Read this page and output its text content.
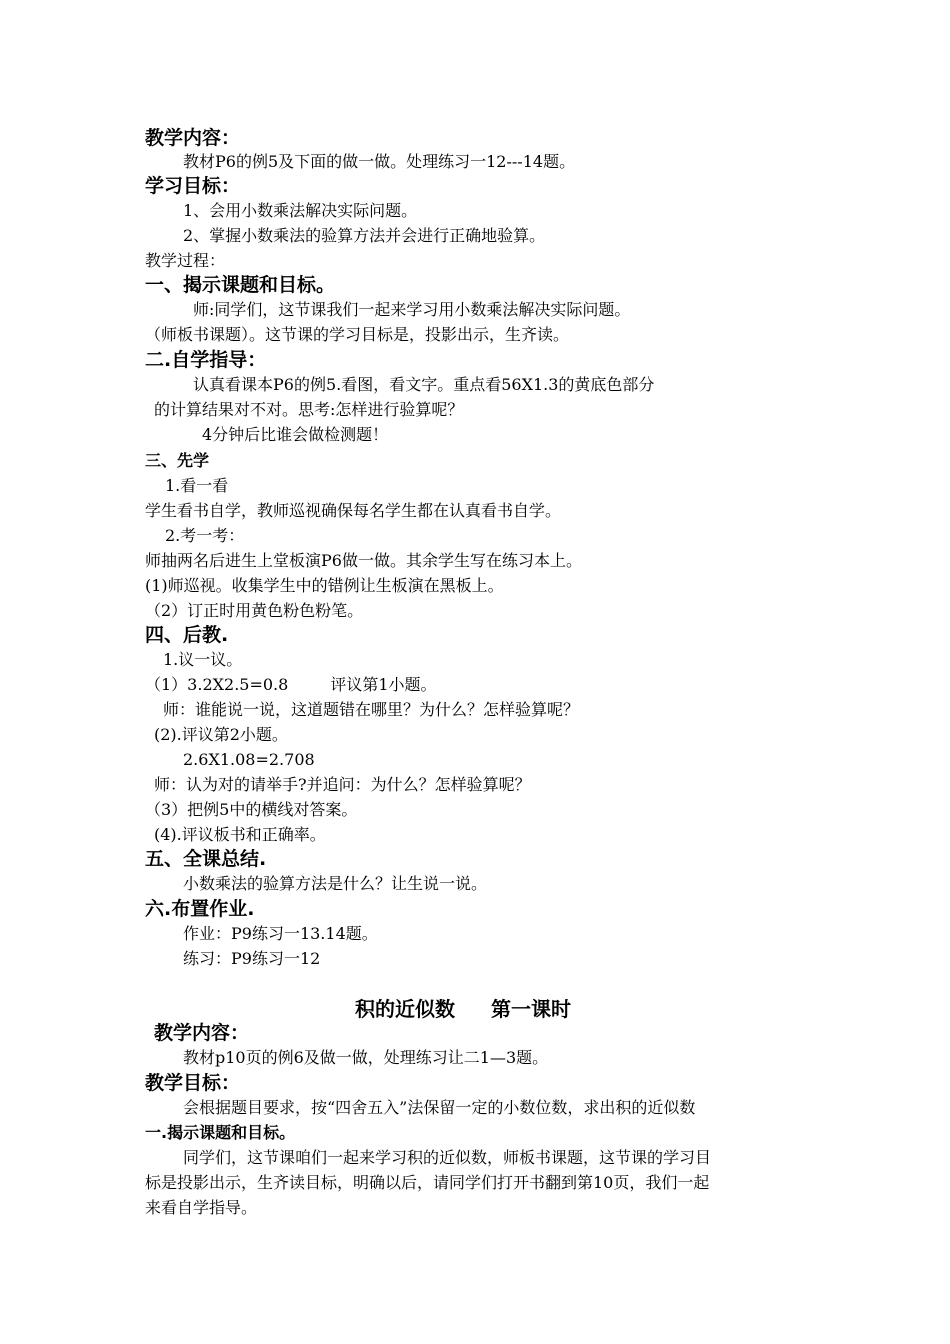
教学内容：
教材P6的例5及下面的做一做。处理练习一12---14题。
学习目标：
1、会用小数乘法解决实际问题。
2、掌握小数乘法的验算方法并会进行正确地验算。
教学过程：
一、揭示课题和目标。
师:同学们，这节课我们一起来学习用小数乘法解决实际问题。
（师板书课题）。这节课的学习目标是，投影出示，生齐读。
二.自学指导：
认真看课本P6的例5.看图，看文字。重点看56X1.3的黄底色部分
的计算结果对不对。思考:怎样进行验算呢？
4分钟后比谁会做检测题！
三、先学
1.看一看
学生看书自学，教师巡视确保每名学生都在认真看书自学。
2.考一考：
师抽两名后进生上堂板演P6做一做。其余学生写在练习本上。
(1)师巡视。收集学生中的错例让生板演在黑板上。
（2）订正时用黄色粉色粉笔。
四、后教.
1.议一议。
（1）3.2X2.5=0.8	评议第1小题。
师：谁能说一说，这道题错在哪里？为什么？怎样验算呢？
(2).评议第2小题。
2.6X1.08=2.708
师：认为对的请举手?并追问：为什么？怎样验算呢？
（3）把例5中的横线对答案。
(4).评议板书和正确率。
五、全课总结.
小数乘法的验算方法是什么？让生说一说。
六.布置作业.
作业：P9练习一13.14题。
练习：P9练习一12
积的近似数 第一课时
教学内容：
教材p10页的例6及做一做，处理练习让二1—3题。
教学目标：
会根据题目要求，按“四舍五入”法保留一定的小数位数，求出积的近似数
一.揭示课题和目标。
同学们，这节课咱们一起来学习积的近似数，师板书课题，这节课的学习目
标是投影出示，生齐读目标，明确以后，请同学们打开书翻到第10页，我们一起
来看自学指导。
